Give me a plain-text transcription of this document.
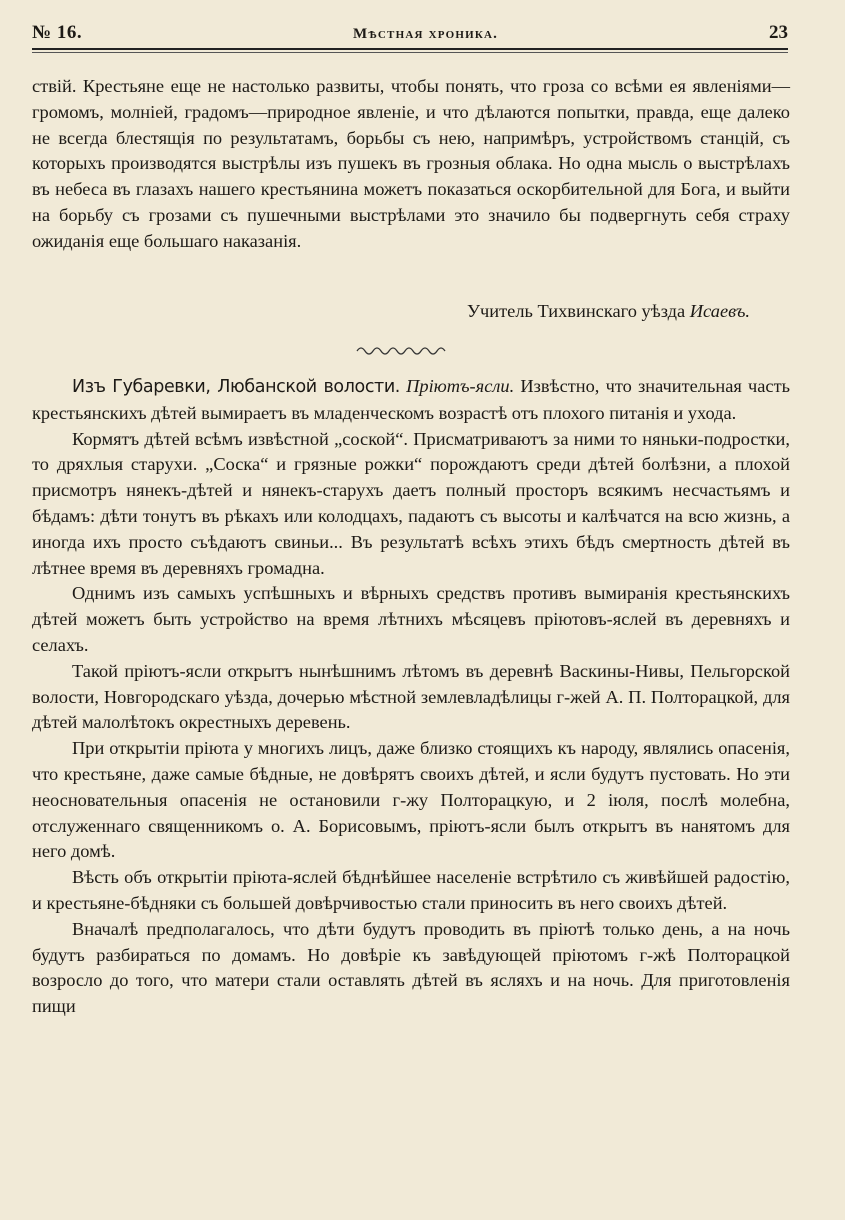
№ 16.	Мѣстная хроника.	23

ствій. Крестьяне еще не настолько развиты, чтобы понять, что гроза со всѣми ея явленіями—громомъ, молніей, градомъ—природное явленіе, и что дѣлаются попытки, правда, еще далеко не всегда блестящія по результатамъ, борьбы съ нею, напримѣръ, устройствомъ станцій, съ которыхъ производятся выстрѣлы изъ пушекъ въ грозныя облака. Но одна мысль о выстрѣлахъ въ небеса въ глазахъ нашего крестьянина можетъ показаться оскорбительной для Бога, и выйти на борьбу съ грозами съ пушечными выстрѣлами это значило бы подвергнуть себя страху ожиданія еще большаго наказанія.

Учитель Тихвинскаго уѣзда Исаевъ.

Изъ Губаревки, Любанской волости. Пріютъ-ясли. Извѣстно, что значительная часть крестьянскихъ дѣтей вымираетъ въ младенческомъ возрастѣ отъ плохого питанія и ухода.

Кормятъ дѣтей всѣмъ извѣстной „соской“. Присматриваютъ за ними то няньки-подростки, то дряхлыя старухи. „Соска“ и грязные рожки“ порождаютъ среди дѣтей болѣзни, а плохой присмотръ нянекъ-дѣтей и нянекъ-старухъ даетъ полный просторъ всякимъ несчастьямъ и бѣдамъ: дѣти тонутъ въ рѣкахъ или колодцахъ, падаютъ съ высоты и калѣчатся на всю жизнь, а иногда ихъ просто съѣдаютъ свиньи... Въ результатѣ всѣхъ этихъ бѣдъ смертность дѣтей въ лѣтнее время въ деревняхъ громадна.

Однимъ изъ самыхъ успѣшныхъ и вѣрныхъ средствъ противъ вымиранія крестьянскихъ дѣтей можетъ быть устройство на время лѣтнихъ мѣсяцевъ пріютовъ-яслей въ деревняхъ и селахъ.

Такой пріютъ-ясли открытъ нынѣшнимъ лѣтомъ въ деревнѣ Васкины-Нивы, Пельгорской волости, Новгородскаго уѣзда, дочерью мѣстной землевладѣлицы г-жей А. П. Полторацкой, для дѣтей малолѣтокъ окрестныхъ деревень.

При открытіи пріюта у многихъ лицъ, даже близко стоящихъ къ народу, являлись опасенія, что крестьяне, даже самые бѣдные, не довѣрятъ своихъ дѣтей, и ясли будутъ пустовать. Но эти неосновательныя опасенія не остановили г-жу Полторацкую, и 2 іюля, послѣ молебна, отслуженнаго священникомъ о. А. Борисовымъ, пріютъ-ясли былъ открытъ въ нанятомъ для него домѣ.

Вѣсть объ открытіи пріюта-яслей бѣднѣйшее населеніе встрѣтило съ живѣйшей радостію, и крестьяне-бѣдняки съ большей довѣрчивостью стали приносить въ него своихъ дѣтей.

Вначалѣ предполагалось, что дѣти будутъ проводить въ пріютѣ только день, а на ночь будутъ разбираться по домамъ. Но довѣріе къ завѣдующей пріютомъ г-жѣ Полторацкой возросло до того, что матери стали оставлять дѣтей въ ясляхъ и на ночь. Для приготовленія пищи
